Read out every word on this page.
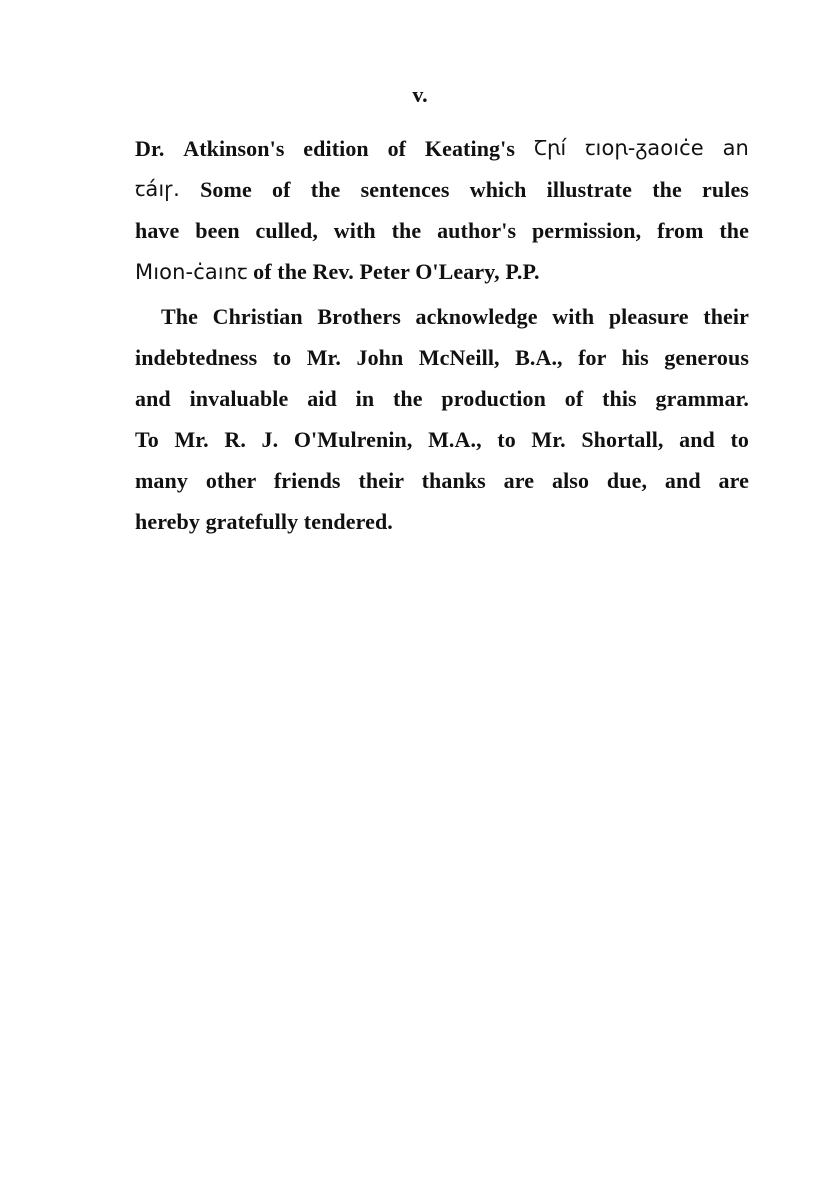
v.
Dr. Atkinson's edition of Keating's Ꞇꞃí ꞇıoꞃ-ᵹaoıċe an
ꞇáıꞅ. Some of the sentences which illustrate the rules
have been culled, with the author's permission, from the
Mıon-ċaınꞇ of the Rev. Peter O'Leary, P.P.
The Christian Brothers acknowledge with pleasure their
indebtedness to Mr. John McNeill, B.A., for his generous
and invaluable aid in the production of this grammar.
To Mr. R. J. O'Mulrenin, M.A., to Mr. Shortall, and to
many other friends their thanks are also due, and are
hereby gratefully tendered.
